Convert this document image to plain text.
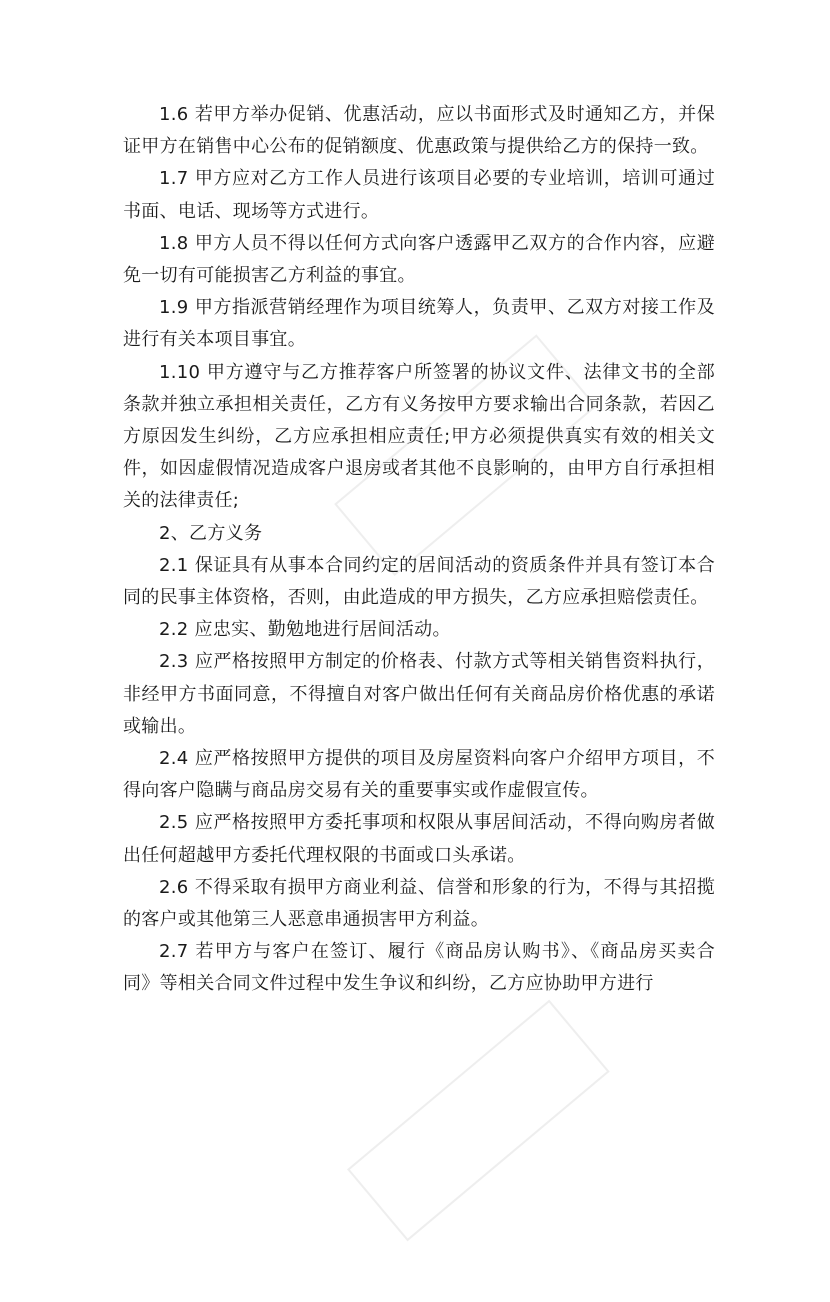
1.6 若甲方举办促销、优惠活动，应以书面形式及时通知乙方，并保证甲方在销售中心公布的促销额度、优惠政策与提供给乙方的保持一致。

1.7 甲方应对乙方工作人员进行该项目必要的专业培训，培训可通过书面、电话、现场等方式进行。

1.8 甲方人员不得以任何方式向客户透露甲乙双方的合作内容，应避免一切有可能损害乙方利益的事宜。

1.9 甲方指派营销经理作为项目统筹人，负责甲、乙双方对接工作及进行有关本项目事宜。

1.10 甲方遵守与乙方推荐客户所签署的协议文件、法律文书的全部条款并独立承担相关责任，乙方有义务按甲方要求输出合同条款，若因乙方原因发生纠纷，乙方应承担相应责任;甲方必须提供真实有效的相关文件，如因虚假情况造成客户退房或者其他不良影响的，由甲方自行承担相关的法律责任;

2、乙方义务

2.1 保证具有从事本合同约定的居间活动的资质条件并具有签订本合同的民事主体资格，否则，由此造成的甲方损失，乙方应承担赔偿责任。

2.2 应忠实、勤勉地进行居间活动。

2.3 应严格按照甲方制定的价格表、付款方式等相关销售资料执行，非经甲方书面同意，不得擅自对客户做出任何有关商品房价格优惠的承诺或输出。

2.4 应严格按照甲方提供的项目及房屋资料向客户介绍甲方项目，不得向客户隐瞒与商品房交易有关的重要事实或作虚假宣传。

2.5 应严格按照甲方委托事项和权限从事居间活动，不得向购房者做出任何超越甲方委托代理权限的书面或口头承诺。

2.6 不得采取有损甲方商业利益、信誉和形象的行为，不得与其招揽的客户或其他第三人恶意串通损害甲方利益。

2.7 若甲方与客户在签订、履行《商品房认购书》、《商品房买卖合同》等相关合同文件过程中发生争议和纠纷，乙方应协助甲方进行
